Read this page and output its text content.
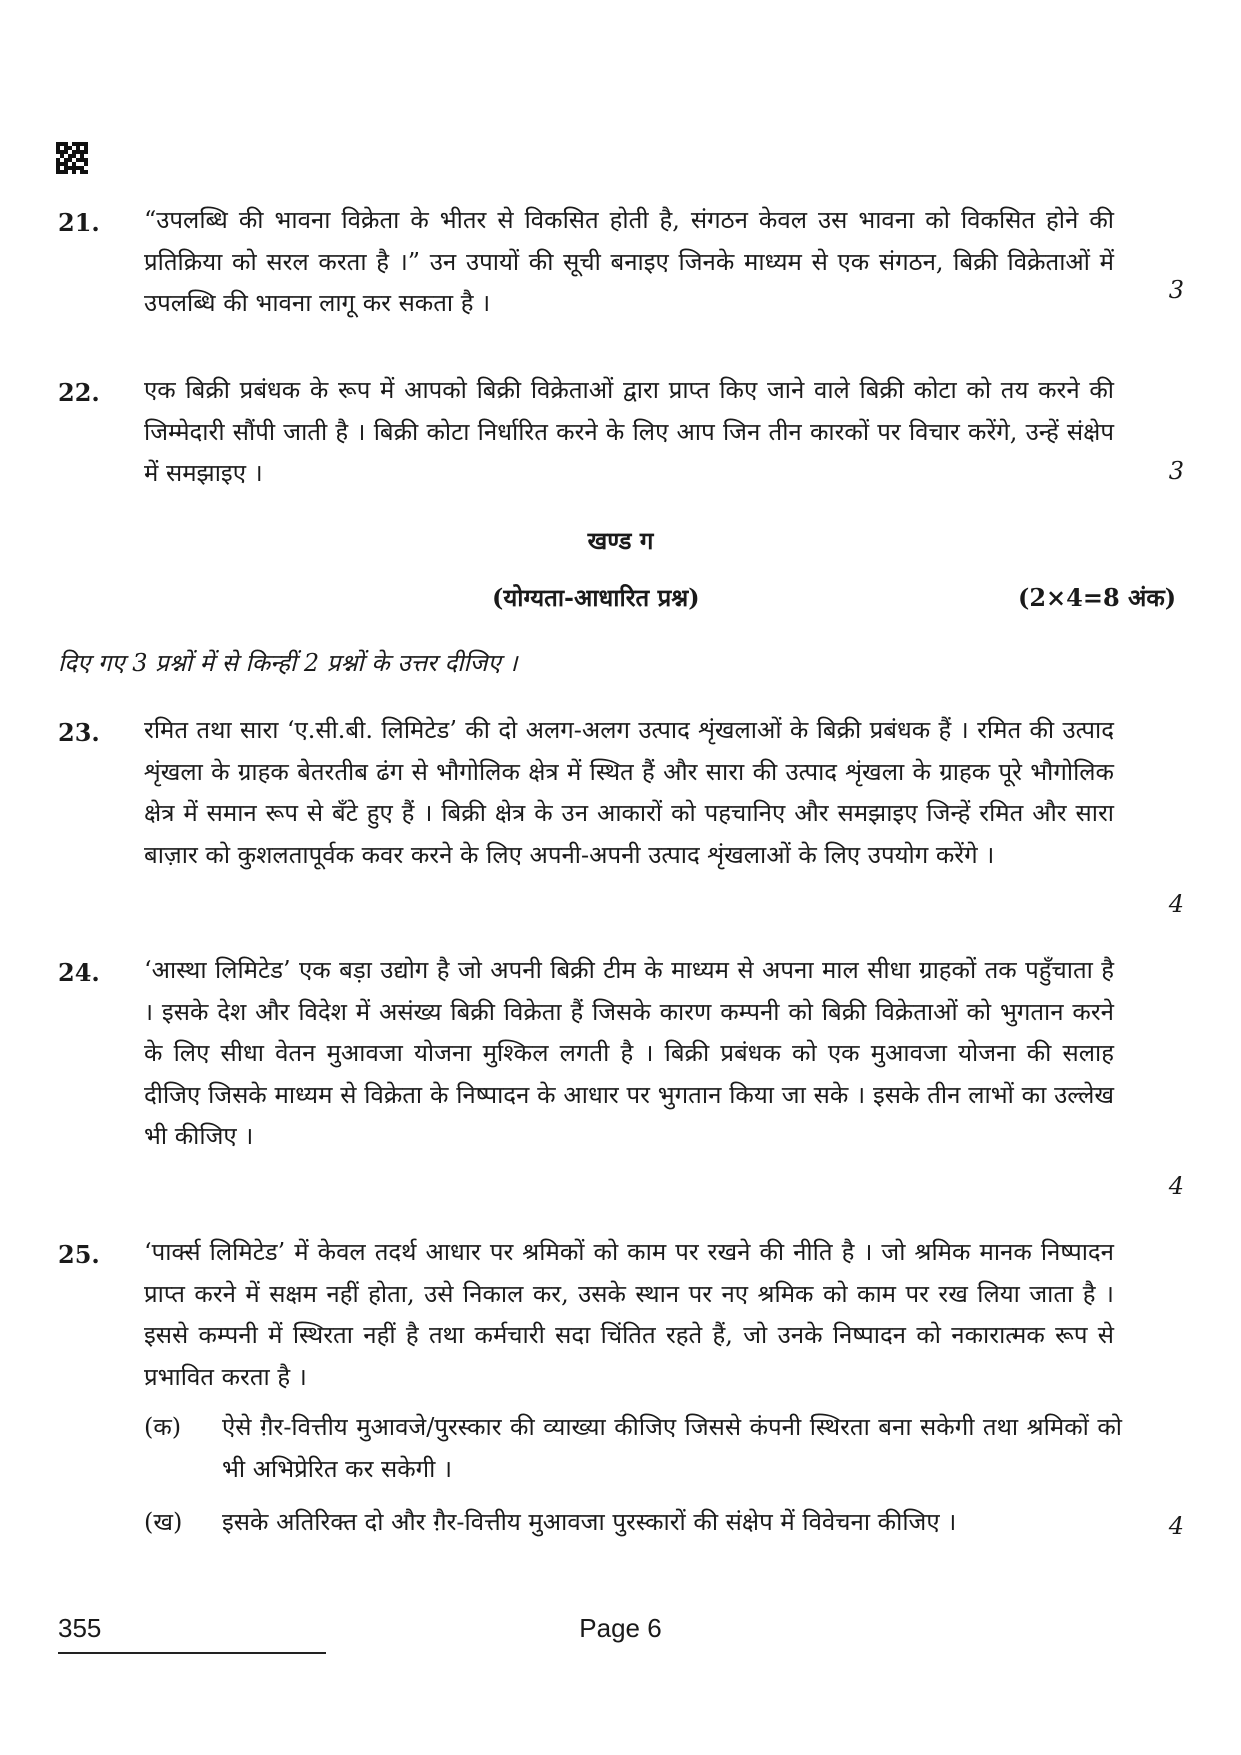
21. “उपलब्धि की भावना विक्रेता के भीतर से विकसित होती है, संगठन केवल उस भावना को विकसित होने की प्रतिक्रिया को सरल करता है ।” उन उपायों की सूची बनाइए जिनके माध्यम से एक संगठन, बिक्री विक्रेताओं में उपलब्धि की भावना लागू कर सकता है ।	3
22. एक बिक्री प्रबंधक के रूप में आपको बिक्री विक्रेताओं द्वारा प्राप्त किए जाने वाले बिक्री कोटा को तय करने की जिम्मेदारी सौंपी जाती है । बिक्री कोटा निर्धारित करने के लिए आप जिन तीन कारकों पर विचार करेंगे, उन्हें संक्षेप में समझाइए ।	3
खण्ड ग
(योग्यता-आधारित प्रश्न)	(2×4=8 अंक)
दिए गए 3 प्रश्नों में से किन्हीं 2 प्रश्नों के उत्तर दीजिए ।
23. रमित तथा सारा ‘ए.सी.बी. लिमिटेड’ की दो अलग-अलग उत्पाद शृंखलाओं के बिक्री प्रबंधक हैं । रमित की उत्पाद शृंखला के ग्राहक बेतरतीब ढंग से भौगोलिक क्षेत्र में स्थित हैं और सारा की उत्पाद शृंखला के ग्राहक पूरे भौगोलिक क्षेत्र में समान रूप से बँटे हुए हैं । बिक्री क्षेत्र के उन आकारों को पहचानिए और समझाइए जिन्हें रमित और सारा बाज़ार को कुशलतापूर्वक कवर करने के लिए अपनी-अपनी उत्पाद शृंखलाओं के लिए उपयोग करेंगे ।
4
24. ‘आस्था लिमिटेड’ एक बड़ा उद्योग है जो अपनी बिक्री टीम के माध्यम से अपना माल सीधा ग्राहकों तक पहुँचाता है । इसके देश और विदेश में असंख्य बिक्री विक्रेता हैं जिसके कारण कम्पनी को बिक्री विक्रेताओं को भुगतान करने के लिए सीधा वेतन मुआवजा योजना मुश्किल लगती है । बिक्री प्रबंधक को एक मुआवजा योजना की सलाह दीजिए जिसके माध्यम से विक्रेता के निष्पादन के आधार पर भुगतान किया जा सके । इसके तीन लाभों का उल्लेख भी कीजिए ।
4
25. ‘पार्क्स लिमिटेड’ में केवल तदर्थ आधार पर श्रमिकों को काम पर रखने की नीति है । जो श्रमिक मानक निष्पादन प्राप्त करने में सक्षम नहीं होता, उसे निकाल कर, उसके स्थान पर नए श्रमिक को काम पर रख लिया जाता है । इससे कम्पनी में स्थिरता नहीं है तथा कर्मचारी सदा चिंतित रहते हैं, जो उनके निष्पादन को नकारात्मक रूप से प्रभावित करता है ।
4
(क) ऐसे ग़ैर-वित्तीय मुआवजे/पुरस्कार की व्याख्या कीजिए जिससे कंपनी स्थिरता बना सकेगी तथा श्रमिकों को भी अभिप्रेरित कर सकेगी ।
(ख) इसके अतिरिक्त दो और ग़ैर-वित्तीय मुआवजा पुरस्कारों की संक्षेप में विवेचना कीजिए ।
355	Page 6
